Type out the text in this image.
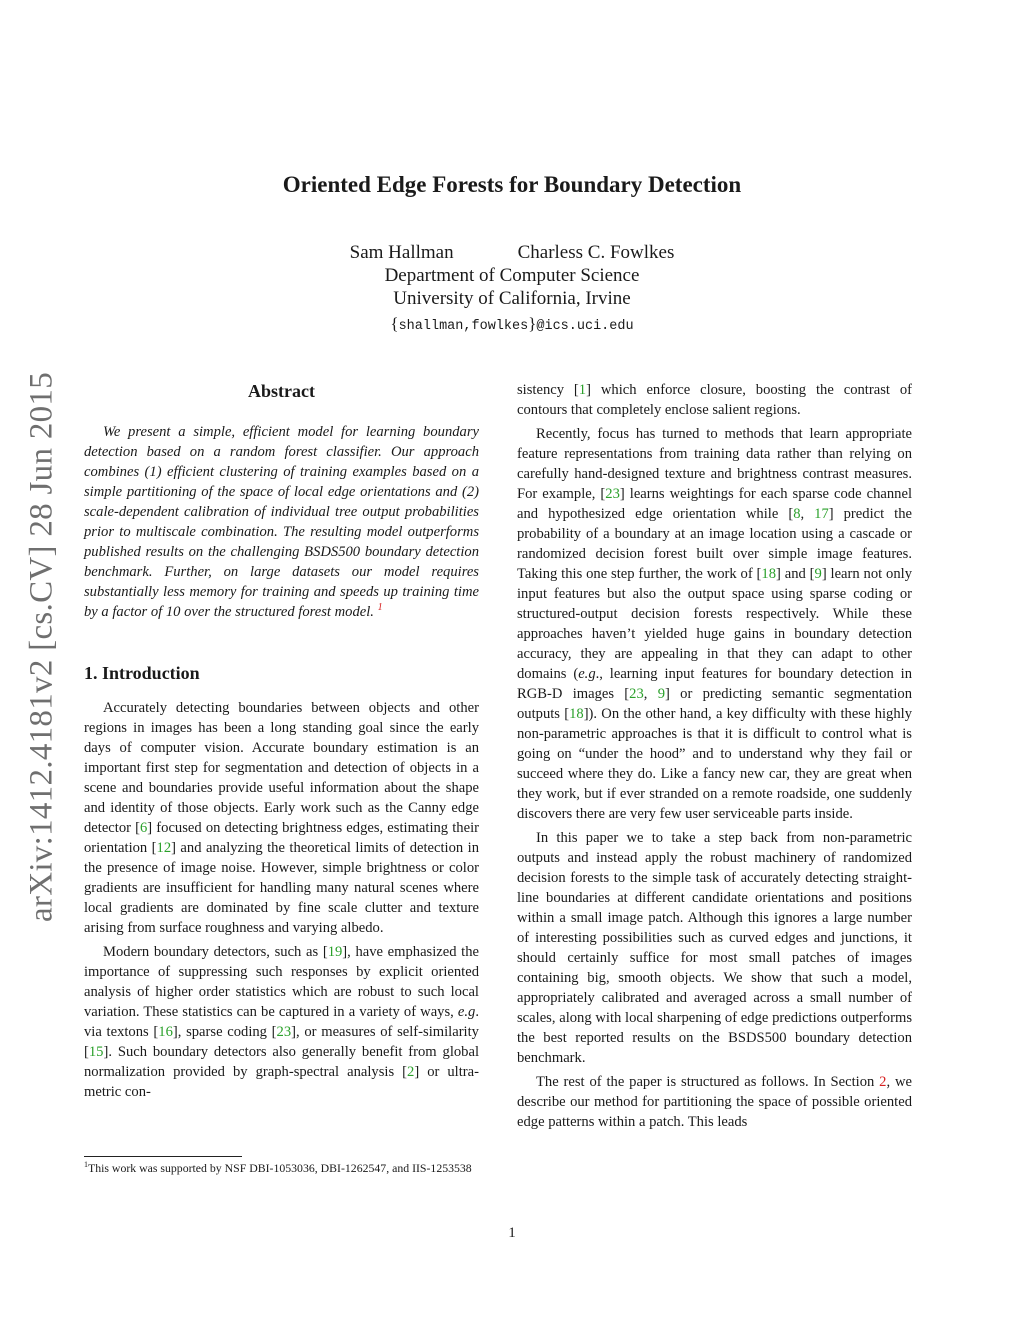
arXiv:1412.4181v2 [cs.CV] 28 Jun 2015
Oriented Edge Forests for Boundary Detection
Sam Hallman	Charless C. Fowlkes
Department of Computer Science
University of California, Irvine
{shallman,fowlkes}@ics.uci.edu
Abstract

We present a simple, efficient model for learning boundary detection based on a random forest classifier. Our approach combines (1) efficient clustering of training examples based on a simple partitioning of the space of local edge orientations and (2) scale-dependent calibration of individual tree output probabilities prior to multiscale combination. The resulting model outperforms published results on the challenging BSDS500 boundary detection benchmark. Further, on large datasets our model requires substantially less memory for training and speeds up training time by a factor of 10 over the structured forest model. $^1$

1. Introduction

Accurately detecting boundaries between objects and other regions in images has been a long standing goal since the early days of computer vision. Accurate boundary estimation is an important first step for segmentation and detection of objects in a scene and boundaries provide useful information about the shape and identity of those objects. Early work such as the Canny edge detector [6] focused on detecting brightness edges, estimating their orientation [12] and analyzing the theoretical limits of detection in the presence of image noise. However, simple brightness or color gradients are insufficient for handling many natural scenes where local gradients are dominated by fine scale clutter and texture arising from surface roughness and varying albedo.

Modern boundary detectors, such as [19], have emphasized the importance of suppressing such responses by explicit oriented analysis of higher order statistics which are robust to such local variation. These statistics can be captured in a variety of ways, e.g. via textons [16], sparse coding [23], or measures of self-similarity [15]. Such boundary detectors also generally benefit from global normalization provided by graph-spectral analysis [2] or ultra-metric con-

sistency [1] which enforce closure, boosting the contrast of contours that completely enclose salient regions.

Recently, focus has turned to methods that learn appropriate feature representations from training data rather than relying on carefully hand-designed texture and brightness contrast measures. For example, [23] learns weightings for each sparse code channel and hypothesized edge orientation while [8, 17] predict the probability of a boundary at an image location using a cascade or randomized decision forest built over simple image features. Taking this one step further, the work of [18] and [9] learn not only input features but also the output space using sparse coding or structured-output decision forests respectively. While these approaches haven’t yielded huge gains in boundary detection accuracy, they are appealing in that they can adapt to other domains (e.g., learning input features for boundary detection in RGB-D images [23, 9] or predicting semantic segmentation outputs [18]). On the other hand, a key difficulty with these highly non-parametric approaches is that it is difficult to control what is going on “under the hood” and to understand why they fail or succeed where they do. Like a fancy new car, they are great when they work, but if ever stranded on a remote roadside, one suddenly discovers there are very few user serviceable parts inside.

In this paper we to take a step back from non-parametric outputs and instead apply the robust machinery of randomized decision forests to the simple task of accurately detecting straight-line boundaries at different candidate orientations and positions within a small image patch. Although this ignores a large number of interesting possibilities such as curved edges and junctions, it should certainly suffice for most small patches of images containing big, smooth objects. We show that such a model, appropriately calibrated and averaged across a small number of scales, along with local sharpening of edge predictions outperforms the best reported results on the BSDS500 boundary detection benchmark.

The rest of the paper is structured as follows. In Section 2, we describe our method for partitioning the space of possible oriented edge patterns within a patch. This leads

$^1$This work was supported by NSF DBI-1053036, DBI-1262547, and IIS-1253538
1
